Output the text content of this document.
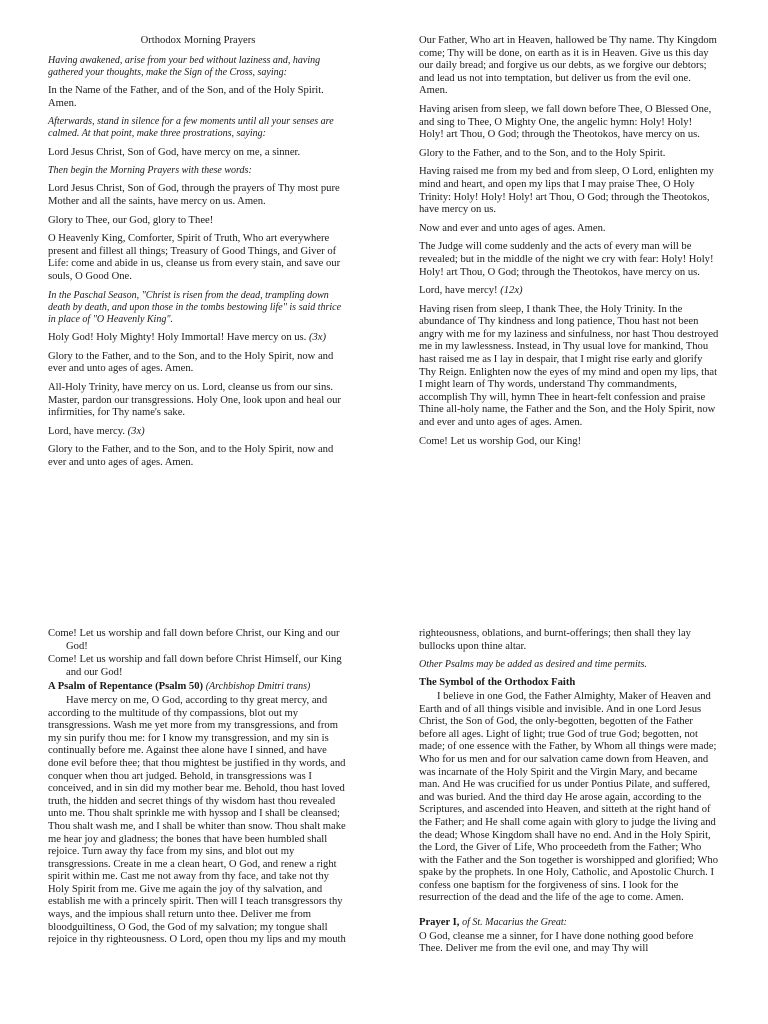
Orthodox Morning Prayers

Having awakened, arise from your bed without laziness and, having gathered your thoughts, make the Sign of the Cross, saying:

In the Name of the Father, and of the Son, and of the Holy Spirit. Amen.

Afterwards, stand in silence for a few moments until all your senses are calmed. At that point, make three prostrations, saying:

Lord Jesus Christ, Son of God, have mercy on me, a sinner.

Then begin the Morning Prayers with these words:

Lord Jesus Christ, Son of God, through the prayers of Thy most pure Mother and all the saints, have mercy on us. Amen.

Glory to Thee, our God, glory to Thee!

O Heavenly King, Comforter, Spirit of Truth, Who art everywhere present and fillest all things; Treasury of Good Things, and Giver of Life: come and abide in us, cleanse us from every stain, and save our souls, O Good One.

In the Paschal Season, "Christ is risen from the dead, trampling down death by death, and upon those in the tombs bestowing life" is said thrice in place of "O Heavenly King".

Holy God! Holy Mighty! Holy Immortal! Have mercy on us. (3x)

Glory to the Father, and to the Son, and to the Holy Spirit, now and ever and unto ages of ages. Amen.

All-Holy Trinity, have mercy on us. Lord, cleanse us from our sins. Master, pardon our transgressions. Holy One, look upon and heal our infirmities, for Thy name's sake.

Lord, have mercy. (3x)

Glory to the Father, and to the Son, and to the Holy Spirit, now and ever and unto ages of ages. Amen.

Our Father, Who art in Heaven, hallowed be Thy name. Thy Kingdom come; Thy will be done, on earth as it is in Heaven. Give us this day our daily bread; and forgive us our debts, as we forgive our debtors; and lead us not into temptation, but deliver us from the evil one. Amen.

Having arisen from sleep, we fall down before Thee, O Blessed One, and sing to Thee, O Mighty One, the angelic hymn: Holy! Holy! Holy! art Thou, O God; through the Theotokos, have mercy on us.

Glory to the Father, and to the Son, and to the Holy Spirit.

Having raised me from my bed and from sleep, O Lord, enlighten my mind and heart, and open my lips that I may praise Thee, O Holy Trinity: Holy! Holy! Holy! art Thou, O God; through the Theotokos, have mercy on us.

Now and ever and unto ages of ages. Amen.

The Judge will come suddenly and the acts of every man will be revealed; but in the middle of the night we cry with fear: Holy! Holy! Holy! art Thou, O God; through the Theotokos, have mercy on us.

Lord, have mercy! (12x)

Having risen from sleep, I thank Thee, the Holy Trinity. In the abundance of Thy kindness and long patience, Thou hast not been angry with me for my laziness and sinfulness, nor hast Thou destroyed me in my lawlessness. Instead, in Thy usual love for mankind, Thou hast raised me as I lay in despair, that I might rise early and glorify Thy Reign. Enlighten now the eyes of my mind and open my lips, that I might learn of Thy words, understand Thy commandments, accomplish Thy will, hymn Thee in heart-felt confession and praise Thine all-holy name, the Father and the Son, and the Holy Spirit, now and ever and unto ages of ages. Amen.

Come! Let us worship God, our King!

Come! Let us worship and fall down before Christ, our King and our God!

Come! Let us worship and fall down before Christ Himself, our King and our God!

A Psalm of Repentance (Psalm 50) (Archbishop Dmitri trans)

Have mercy on me, O God, according to thy great mercy, and according to the multitude of thy compassions, blot out my transgressions. Wash me yet more from my transgressions, and from my sin purify thou me: for I know my transgression, and my sin is continually before me. Against thee alone have I sinned, and have done evil before thee; that thou mightest be justified in thy words, and conquer when thou art judged. Behold, in transgressions was I conceived, and in sin did my mother bear me. Behold, thou hast loved truth, the hidden and secret things of thy wisdom hast thou revealed unto me. Thou shalt sprinkle me with hyssop and I shall be cleansed; Thou shalt wash me, and I shall be whiter than snow. Thou shalt make me hear joy and gladness; the bones that have been humbled shall rejoice. Turn away thy face from my sins, and blot out my transgressions. Create in me a clean heart, O God, and renew a right spirit within me. Cast me not away from thy face, and take not thy Holy Spirit from me. Give me again the joy of thy salvation, and establish me with a princely spirit. Then will I teach transgressors thy ways, and the impious shall return unto thee. Deliver me from bloodguiltiness, O God, the God of my salvation; my tongue shall rejoice in thy righteousness. O Lord, open thou my lips and my mouth

righteousness, oblations, and burnt-offerings; then shall they lay bullocks upon thine altar.

Other Psalms may be added as desired and time permits.

The Symbol of the Orthodox Faith

I believe in one God, the Father Almighty, Maker of Heaven and Earth and of all things visible and invisible. And in one Lord Jesus Christ, the Son of God, the only-begotten, begotten of the Father before all ages. Light of light; true God of true God; begotten, not made; of one essence with the Father, by Whom all things were made; Who for us men and for our salvation came down from Heaven, and was incarnate of the Holy Spirit and the Virgin Mary, and became man. And He was crucified for us under Pontius Pilate, and suffered, and was buried. And the third day He arose again, according to the Scriptures, and ascended into Heaven, and sitteth at the right hand of the Father; and He shall come again with glory to judge the living and the dead; Whose Kingdom shall have no end. And in the Holy Spirit, the Lord, the Giver of Life, Who proceedeth from the Father; Who with the Father and the Son together is worshipped and glorified; Who spake by the prophets. In one Holy, Catholic, and Apostolic Church. I confess one baptism for the forgiveness of sins. I look for the resurrection of the dead and the life of the age to come. Amen.

Prayer I, of St. Macarius the Great:

O God, cleanse me a sinner, for I have done nothing good before Thee. Deliver me from the evil one, and may Thy will
